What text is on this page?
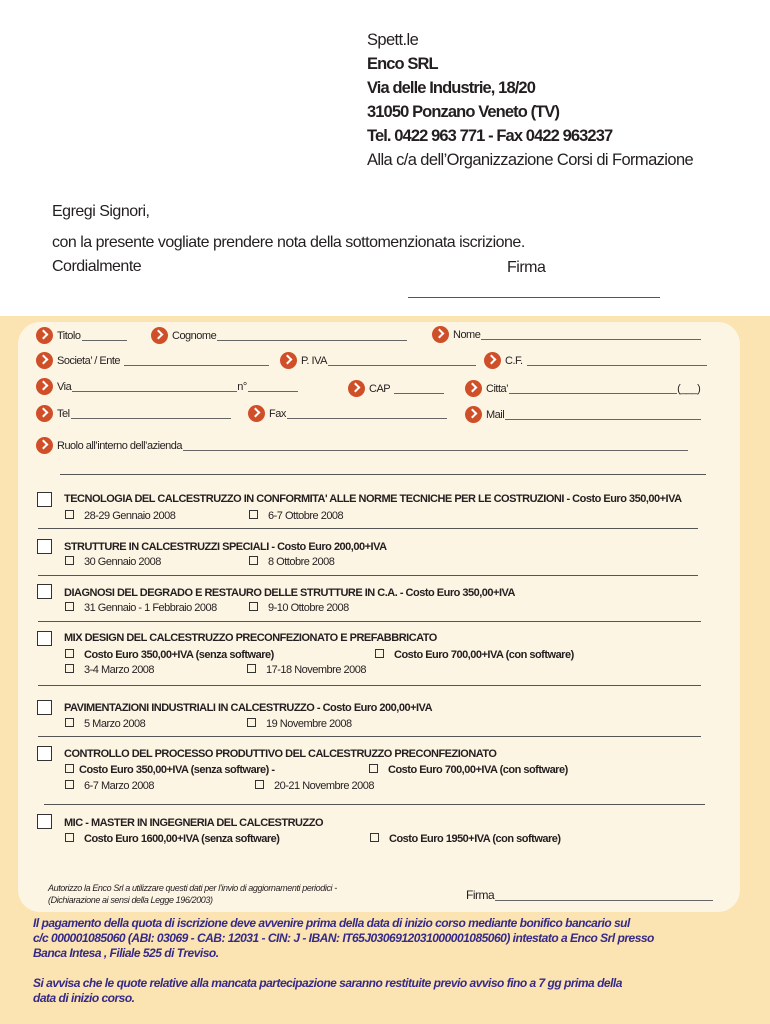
Spett.le
Enco SRL
Via delle Industrie, 18/20
31050 Ponzano Veneto (TV)
Tel. 0422 963 771 - Fax 0422 963237
Alla c/a dell’Organizzazione Corsi di Formazione
Egregi Signori,
con la presente vogliate prendere nota della sottomenzionata iscrizione.
Cordialmente	Firma
Titolo	Cognome	Nome
Societa’ / Ente	P. IVA	C.F.
Via	n°	CAP	Citta’	(___)
Tel	Fax	Mail
Ruolo all’interno dell’azienda
TECNOLOGIA DEL CALCESTRUZZO IN CONFORMITA' ALLE NORME TECNICHE PER LE COSTRUZIONI - Costo Euro 350,00+IVA
28-29 Gennaio 2008	6-7 Ottobre 2008
STRUTTURE IN CALCESTRUZZI SPECIALI - Costo Euro 200,00+IVA
30 Gennaio 2008	8 Ottobre 2008
DIAGNOSI DEL DEGRADO E RESTAURO DELLE STRUTTURE IN C.A. - Costo Euro 350,00+IVA
31 Gennaio - 1 Febbraio 2008	9-10 Ottobre 2008
MIX DESIGN DEL CALCESTRUZZO PRECONFEZIONATO E PREFABBRICATO
Costo Euro 350,00+IVA (senza software)	Costo Euro 700,00+IVA (con software)
3-4 Marzo 2008	17-18 Novembre 2008
PAVIMENTAZIONI INDUSTRIALI IN CALCESTRUZZO - Costo Euro 200,00+IVA
5 Marzo 2008	19 Novembre 2008
CONTROLLO DEL PROCESSO PRODUTTIVO DEL CALCESTRUZZO PRECONFEZIONATO
Costo Euro 350,00+IVA (senza software) -	Costo Euro 700,00+IVA (con software)
6-7 Marzo 2008	20-21 Novembre 2008
MIC - MASTER IN INGEGNERIA DEL CALCESTRUZZO
Costo Euro 1600,00+IVA (senza software)	Costo Euro 1950+IVA (con software)
Autorizzo la Enco Srl a utilizzare questi dati per l’invio di aggiornamenti periodici -
(Dichiarazione ai sensi della Legge 196/2003)	Firma
Il pagamento della quota di iscrizione deve avvenire prima della data di inizio corso mediante bonifico bancario sul
c/c 000001085060 (ABI: 03069 - CAB: 12031 - CIN: J - IBAN: IT65J0306912031000001085060) intestato a Enco Srl presso
Banca Intesa , Filiale 525 di Treviso.
Si avvisa che le quote relative alla mancata partecipazione saranno restituite previo avviso fino a 7 gg prima della
data di inizio corso.
